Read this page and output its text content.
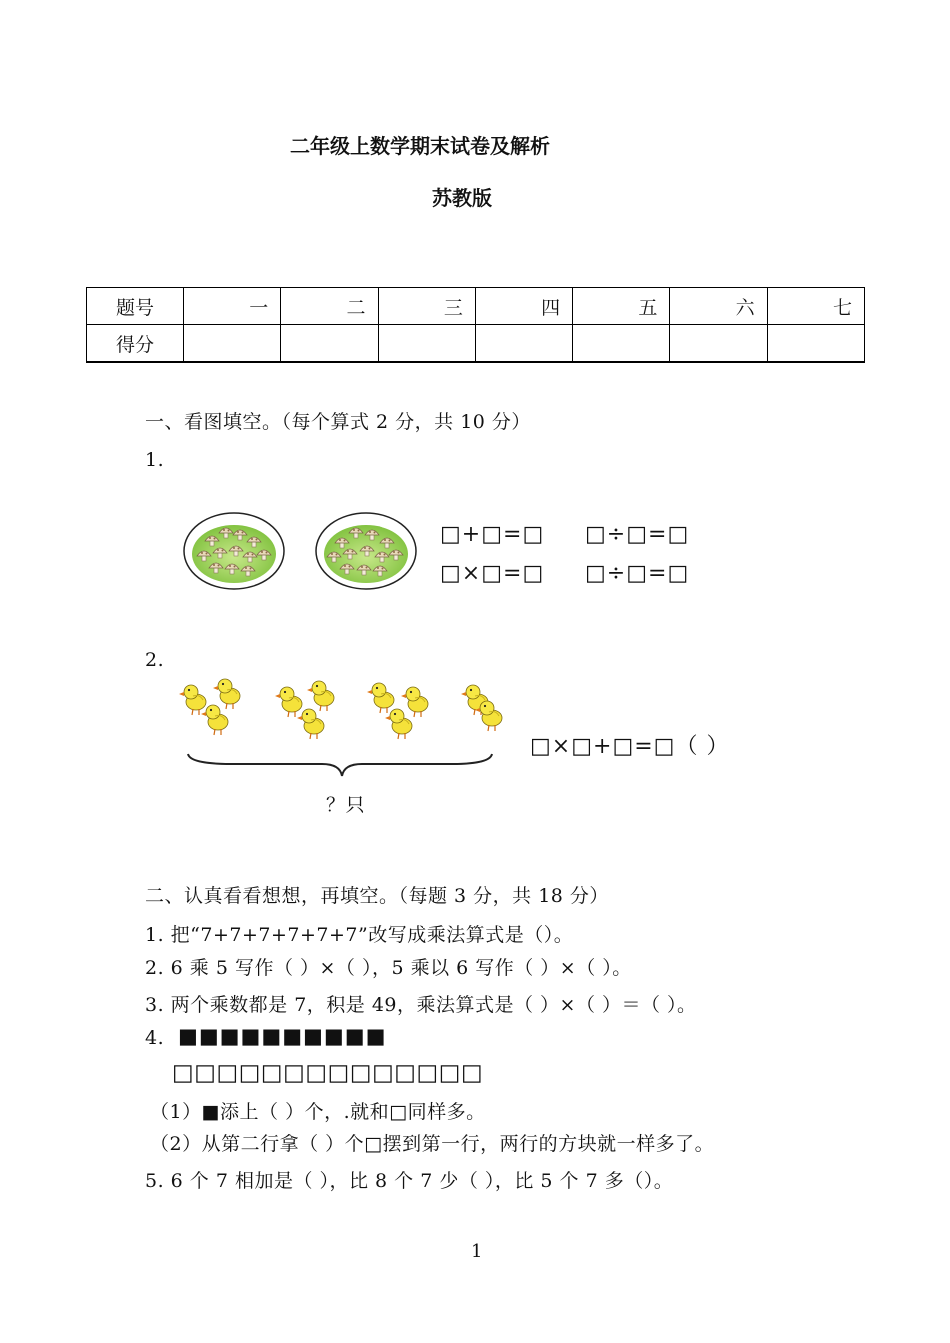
二年级上数学期末试卷及解析
苏教版
题号	一	二	三	四	五	六	七
得分							
一、看图填空。（每个算式 2 分，共 10 分）
1.
□+□=□ □÷□=□
□×□=□ □÷□=□
2.
□×□+□=□（ ）
？只
二、认真看看想想，再填空。（每题 3 分，共 18 分）
1. 把“7+7+7+7+7+7”改写成乘法算式是（）。
2. 6 乘 5 写作（ ）×（ ），5 乘以 6 写作（ ）×（ ）。
3. 两个乘数都是 7，积是 49，乘法算式是（ ）×（ ）＝（ ）。
4. ■■■■■■■■■■
□□□□□□□□□□□□□□
（1）■添上（ ）个，.就和□同样多。
（2）从第二行拿（ ）个□摆到第一行，两行的方块就一样多了。
5. 6 个 7 相加是（ ），比 8 个 7 少（ ），比 5 个 7 多（）。
1
